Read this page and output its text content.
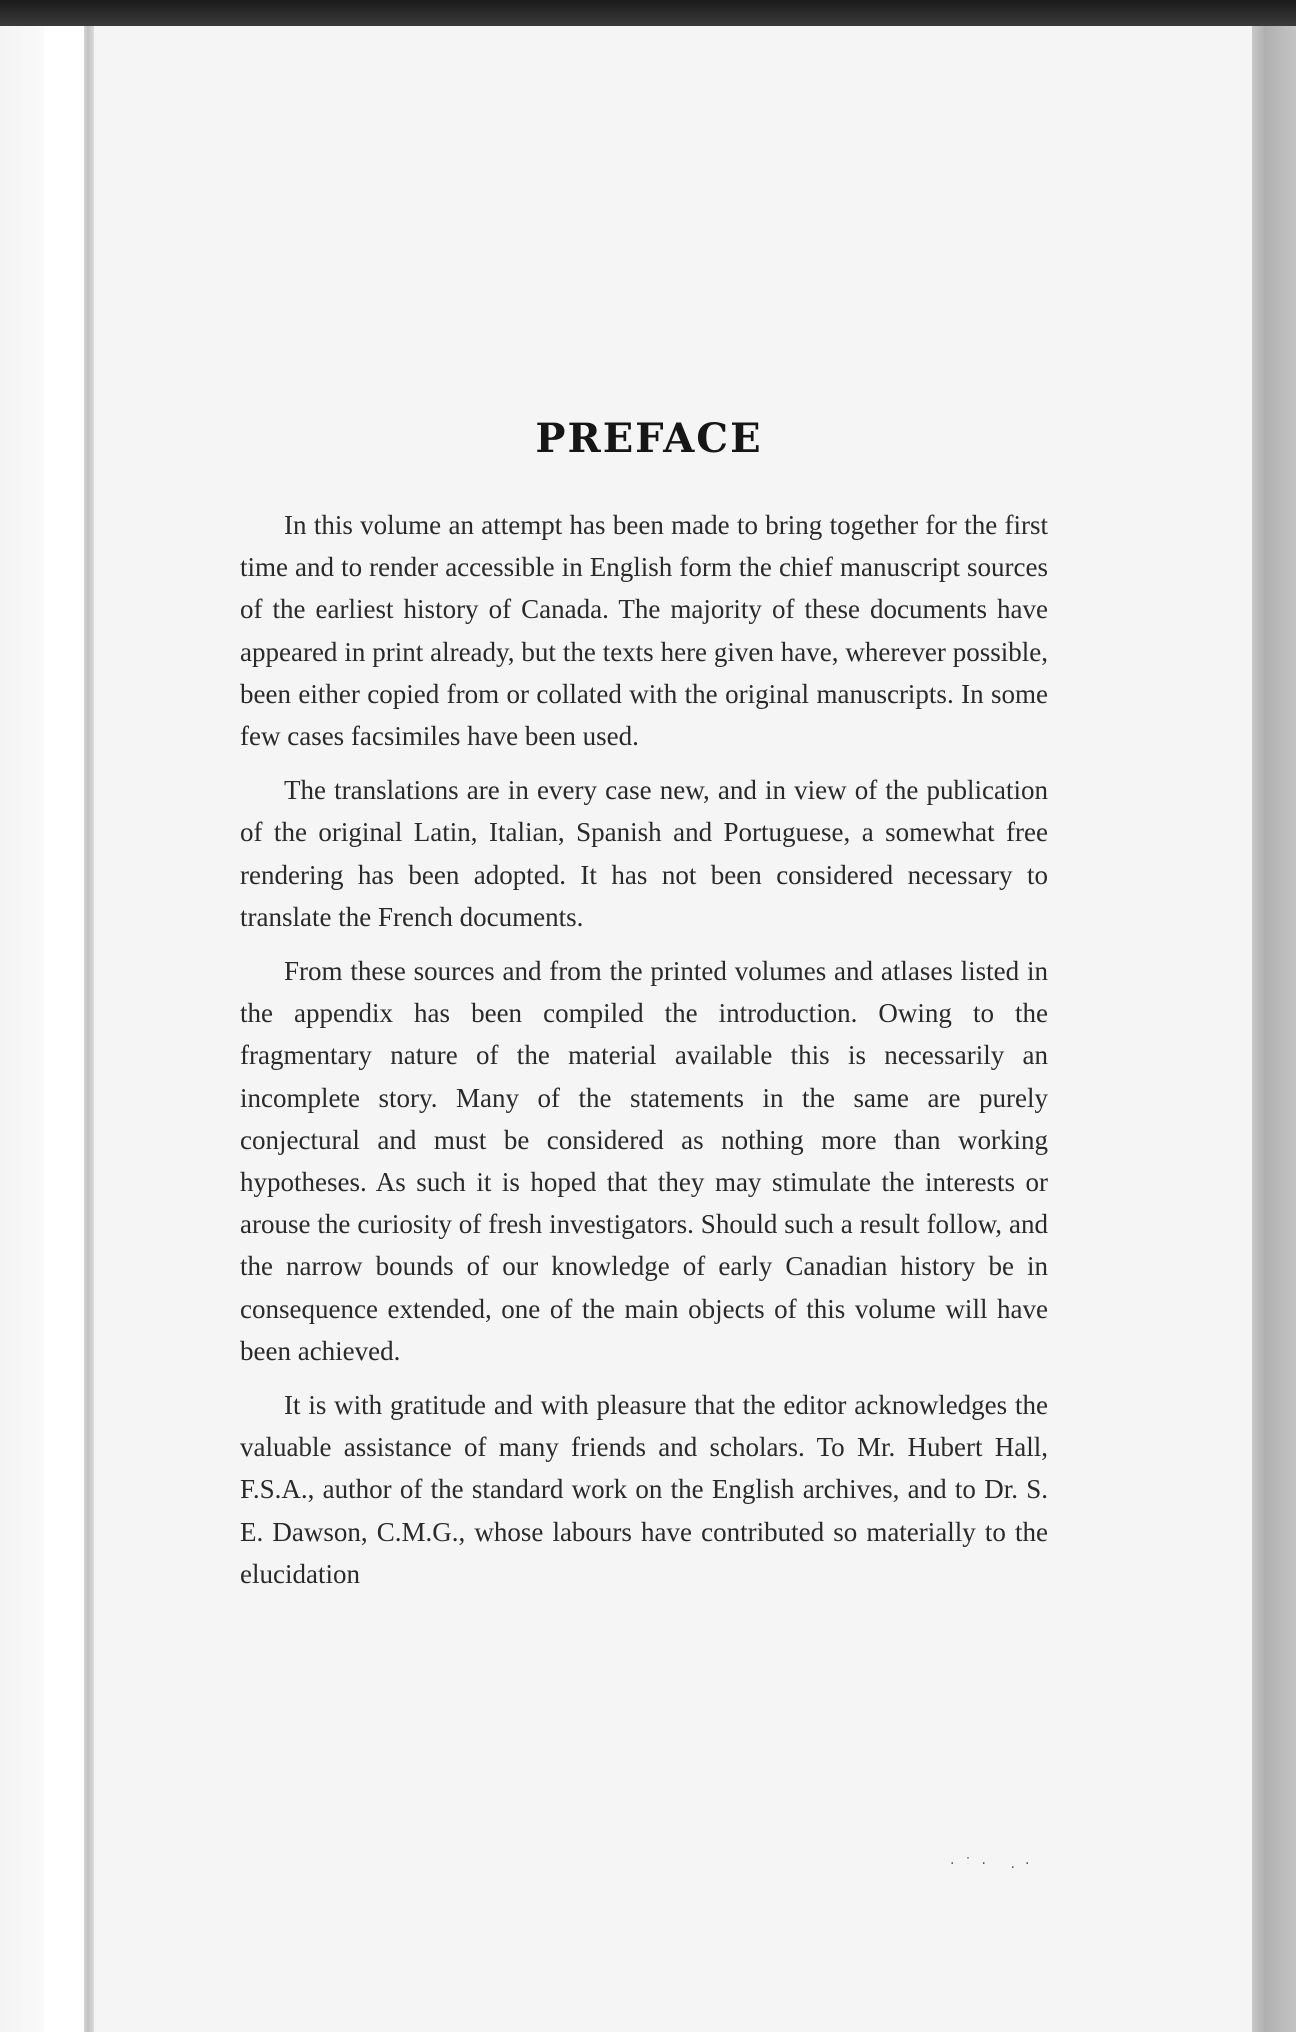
PREFACE

In this volume an attempt has been made to bring together for the first time and to render accessible in English form the chief manuscript sources of the earliest history of Canada. The majority of these documents have appeared in print already, but the texts here given have, wherever possible, been either copied from or collated with the original manuscripts. In some few cases facsimiles have been used.

The translations are in every case new, and in view of the publication of the original Latin, Italian, Spanish and Portuguese, a somewhat free rendering has been adopted. It has not been considered necessary to translate the French documents.

From these sources and from the printed volumes and atlases listed in the appendix has been compiled the introduction. Owing to the fragmentary nature of the material available this is necessarily an incomplete story. Many of the statements in the same are purely conjectural and must be considered as nothing more than working hypotheses. As such it is hoped that they may stimulate the interests or arouse the curiosity of fresh investigators. Should such a result follow, and the narrow bounds of our knowledge of early Canadian history be in consequence extended, one of the main objects of this volume will have been achieved.

It is with gratitude and with pleasure that the editor acknowledges the valuable assistance of many friends and scholars. To Mr. Hubert Hall, F.S.A., author of the standard work on the English archives, and to Dr. S. E. Dawson, C.M.G., whose labours have contributed so materially to the elucidation

·˙· ․·
